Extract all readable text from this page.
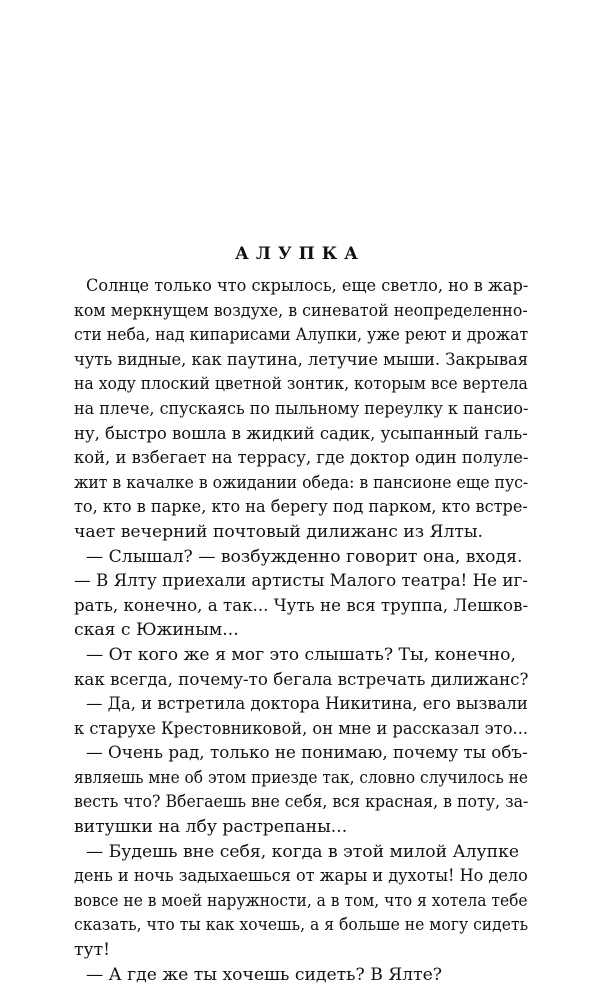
АЛУПКА
Солнце только что скрылось, еще светло, но в жар-
ком меркнущем воздухе, в синеватой неопределенно-
сти неба, над кипарисами Алупки, уже реют и дрожат
чуть видные, как паутина, летучие мыши. Закрывая
на ходу плоский цветной зонтик, которым все вертела
на плече, спускаясь по пыльному переулку к пансио-
ну, быстро вошла в жидкий садик, усыпанный галь-
кой, и взбегает на террасу, где доктор один полуле-
жит в качалке в ожидании обеда: в пансионе еще пус-
то, кто в парке, кто на берегу под парком, кто встре-
чает вечерний почтовый дилижанс из Ялты.
— Слышал? — возбужденно говорит она, входя.
— В Ялту приехали артисты Малого театра! Не иг-
рать, конечно, а так... Чуть не вся труппа, Лешков-
ская с Южиным...
— От кого же я мог это слышать? Ты, конечно,
как всегда, почему-то бегала встречать дилижанс?
— Да, и встретила доктора Никитина, его вызвали
к старухе Крестовниковой, он мне и рассказал это...
— Очень рад, только не понимаю, почему ты объ-
являешь мне об этом приезде так, словно случилось не
весть что? Вбегаешь вне себя, вся красная, в поту, за-
витушки на лбу растрепаны...
— Будешь вне себя, когда в этой милой Алупке
день и ночь задыхаешься от жары и духоты! Но дело
вовсе не в моей наружности, а в том, что я хотела тебе
сказать, что ты как хочешь, а я больше не могу сидеть
тут!
— А где же ты хочешь сидеть? В Ялте?
